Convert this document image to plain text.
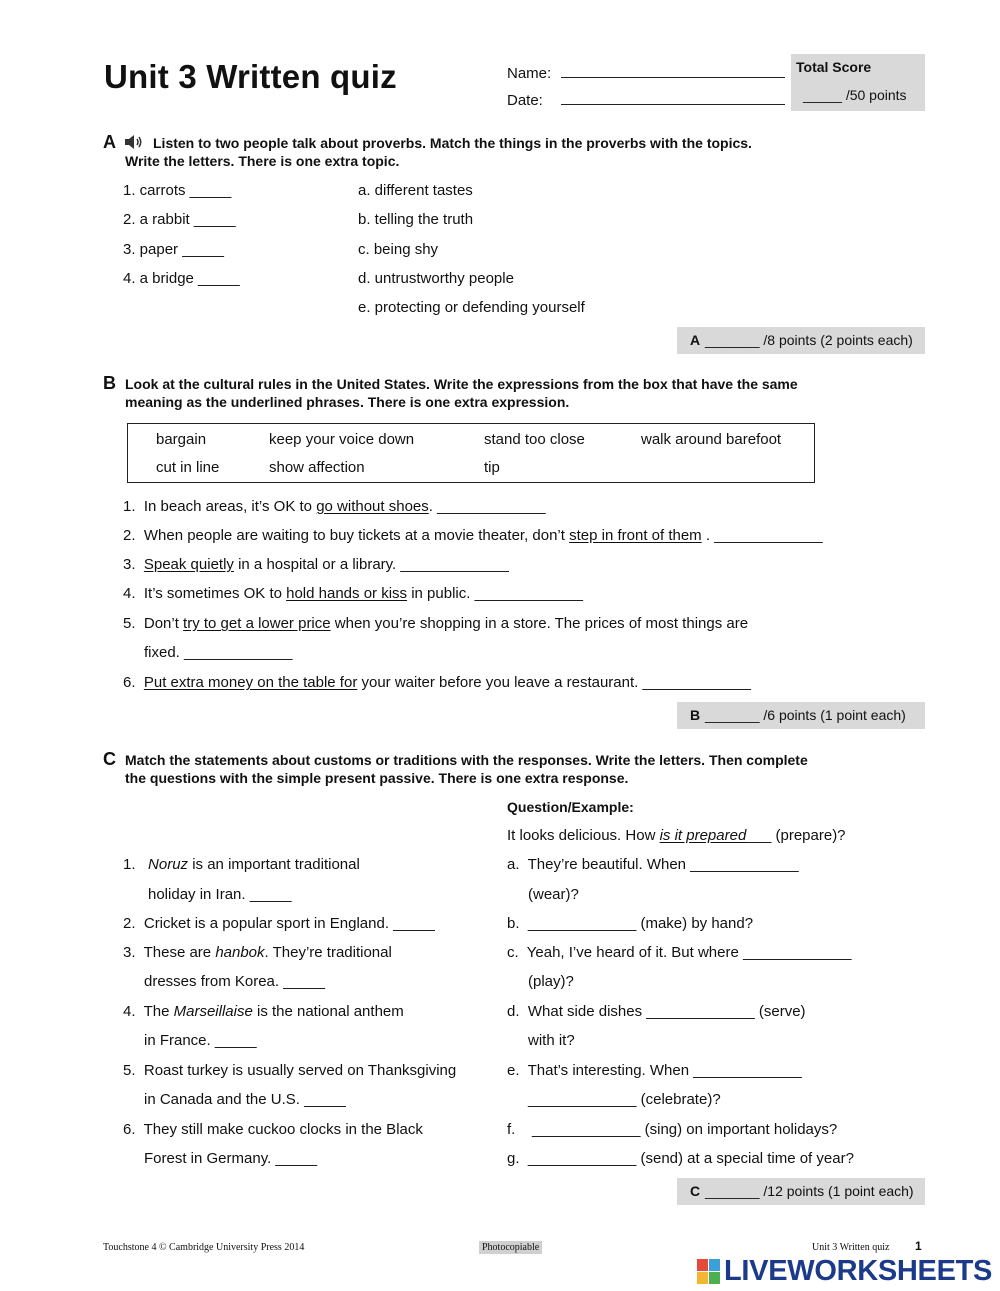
Unit 3 Written quiz	Name:
Date:
Total Score
_____ /50 points
A	Listen to two people talk about proverbs. Match the things in the proverbs with the topics.
Write the letters. There is one extra topic.
1. carrots _____
2. a rabbit _____
3. paper _____
4. a bridge _____
a. different tastes
b. telling the truth
c. being shy
d. untrustworthy people
e. protecting or defending yourself
A _______ /8 points (2 points each)
B Look at the cultural rules in the United States. Write the expressions from the box that have the same
meaning as the underlined phrases. There is one extra expression.
bargain	keep your voice down	stand too close	walk around barefoot
cut in line	show affection	tip
1. In beach areas, it’s OK to go without shoes. _____________
2. When people are waiting to buy tickets at a movie theater, don’t step in front of them . _____________
3. Speak quietly in a hospital or a library. _____________
4. It’s sometimes OK to hold hands or kiss in public. _____________
5. Don’t try to get a lower price when you’re shopping in a store. The prices of most things are
fixed. _____________
6. Put extra money on the table for your waiter before you leave a restaurant. _____________
B _______ /6 points (1 point each)
C Match the statements about customs or traditions with the responses. Write the letters. Then complete
the questions with the simple present passive. There is one extra response.
Question/Example:
It looks delicious. How is it prepared___ (prepare)?
1. Noruz is an important traditional
holiday in Iran. _____
2. Cricket is a popular sport in England. _____
3. These are hanbok. They’re traditional
dresses from Korea. _____
4. The Marseillaise is the national anthem
in France. _____
5. Roast turkey is usually served on Thanksgiving
in Canada and the U.S. _____
6. They still make cuckoo clocks in the Black
Forest in Germany. _____
a. They’re beautiful. When _____________
(wear)?
b. _____________ (make) by hand?
c. Yeah, I’ve heard of it. But where _____________
(play)?
d. What side dishes _____________ (serve)
with it?
e. That’s interesting. When _____________
_____________ (celebrate)?
f. _____________ (sing) on important holidays?
g. _____________ (send) at a special time of year?
C _______ /12 points (1 point each)
Touchstone 4 © Cambridge University Press 2014	Photocopiable	Unit 3 Written quiz 1
LIVEWORKSHEETS
